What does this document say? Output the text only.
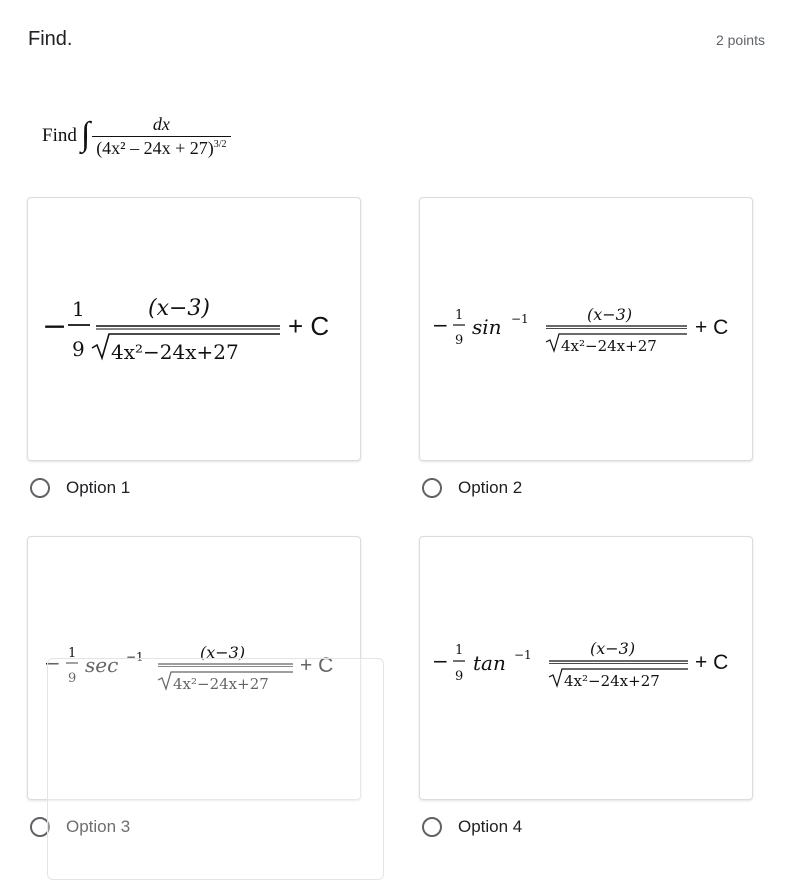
Find.	2 points
Find ∫ $\frac{dx}{(4x^2 - 24x + 27)^{3/2}}$
− 1
9
(x−3)
4x²−24x+27
+ C
Option 1
− 1
9
sin −1	(x−3)
4x²−24x+27
+ C
Option 2
− 1
9
sec −1	(x−3)
4x²−24x+27
+ C
Option 3
− 1
9
tan −1	(x−3)
4x²−24x+27
+ C
Option 4
